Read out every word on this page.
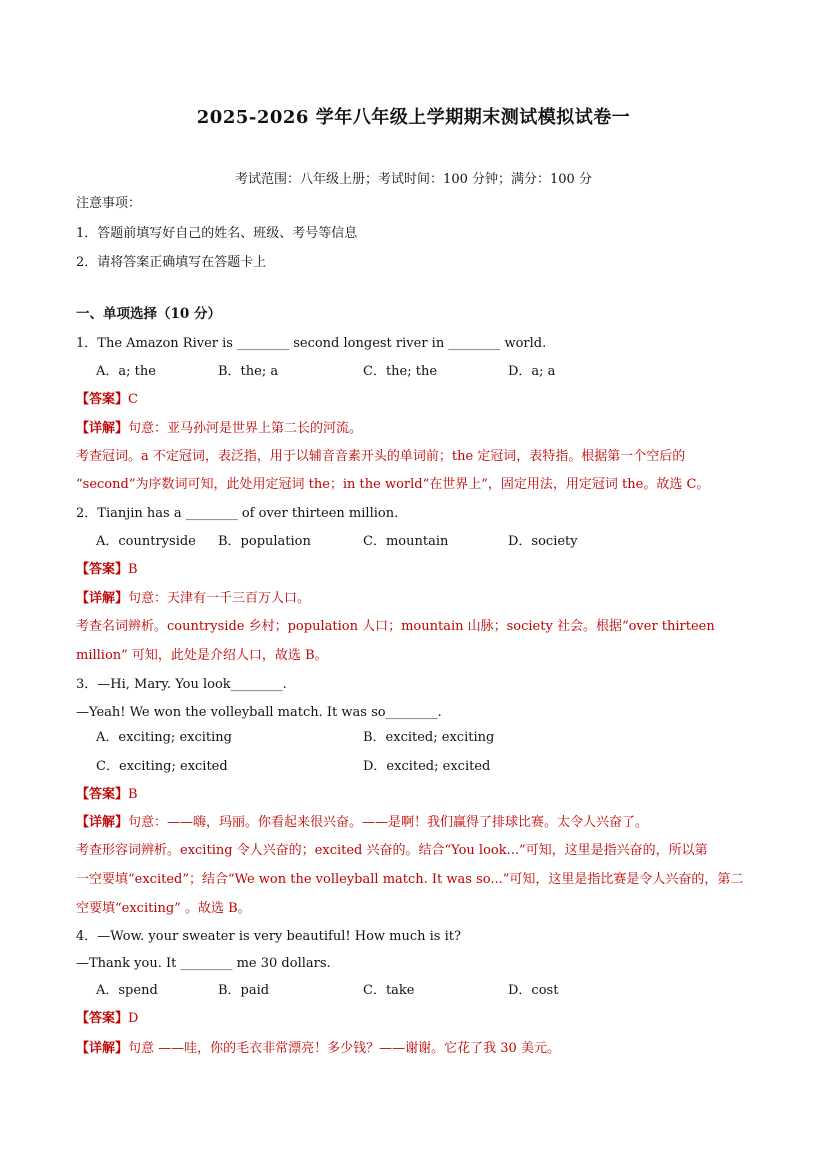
2025-2026 学年八年级上学期期末测试模拟试卷一
考试范围：八年级上册；考试时间：100 分钟；满分：100 分
注意事项：
1．答题前填写好自己的姓名、班级、考号等信息
2．请将答案正确填写在答题卡上
一、单项选择（10 分）
1．The Amazon River is ________ second longest river in ________ world.
A．a; the	B．the; a	C．the; the	D．a; a
【答案】C
【详解】句意：亚马孙河是世界上第二长的河流。
考查冠词。a 不定冠词，表泛指，用于以辅音音素开头的单词前；the 定冠词，表特指。根据第一个空后的
“second”为序数词可知，此处用定冠词 the；in the world“在世界上”，固定用法，用定冠词 the。故选 C。
2．Tianjin has a ________ of over thirteen million.
A．countryside B．population	C．mountain	D．society
【答案】B
【详解】句意：天津有一千三百万人口。
考查名词辨析。countryside 乡村；population 人口；mountain 山脉；society 社会。根据“over thirteen
million” 可知，此处是介绍人口，故选 B。
3．—Hi, Mary. You look________.
—Yeah! We won the volleyball match. It was so________.
A．exciting; exciting	B．excited; exciting
C．exciting; excited	D．excited; excited
【答案】B
【详解】句意：——嗨，玛丽。你看起来很兴奋。——是啊！我们赢得了排球比赛。太令人兴奋了。
考查形容词辨析。exciting 令人兴奋的；excited 兴奋的。结合“You look...”可知，这里是指兴奋的，所以第
一空要填“excited”；结合“We won the volleyball match. It was so...”可知，这里是指比赛是令人兴奋的，第二
空要填“exciting” 。故选 B。
4．—Wow. your sweater is very beautiful! How much is it?
—Thank you. It ________ me 30 dollars.
A．spend	B．paid	C．take	D．cost
【答案】D
【详解】句意 ——哇，你的毛衣非常漂亮！多少钱？——谢谢。它花了我 30 美元。
